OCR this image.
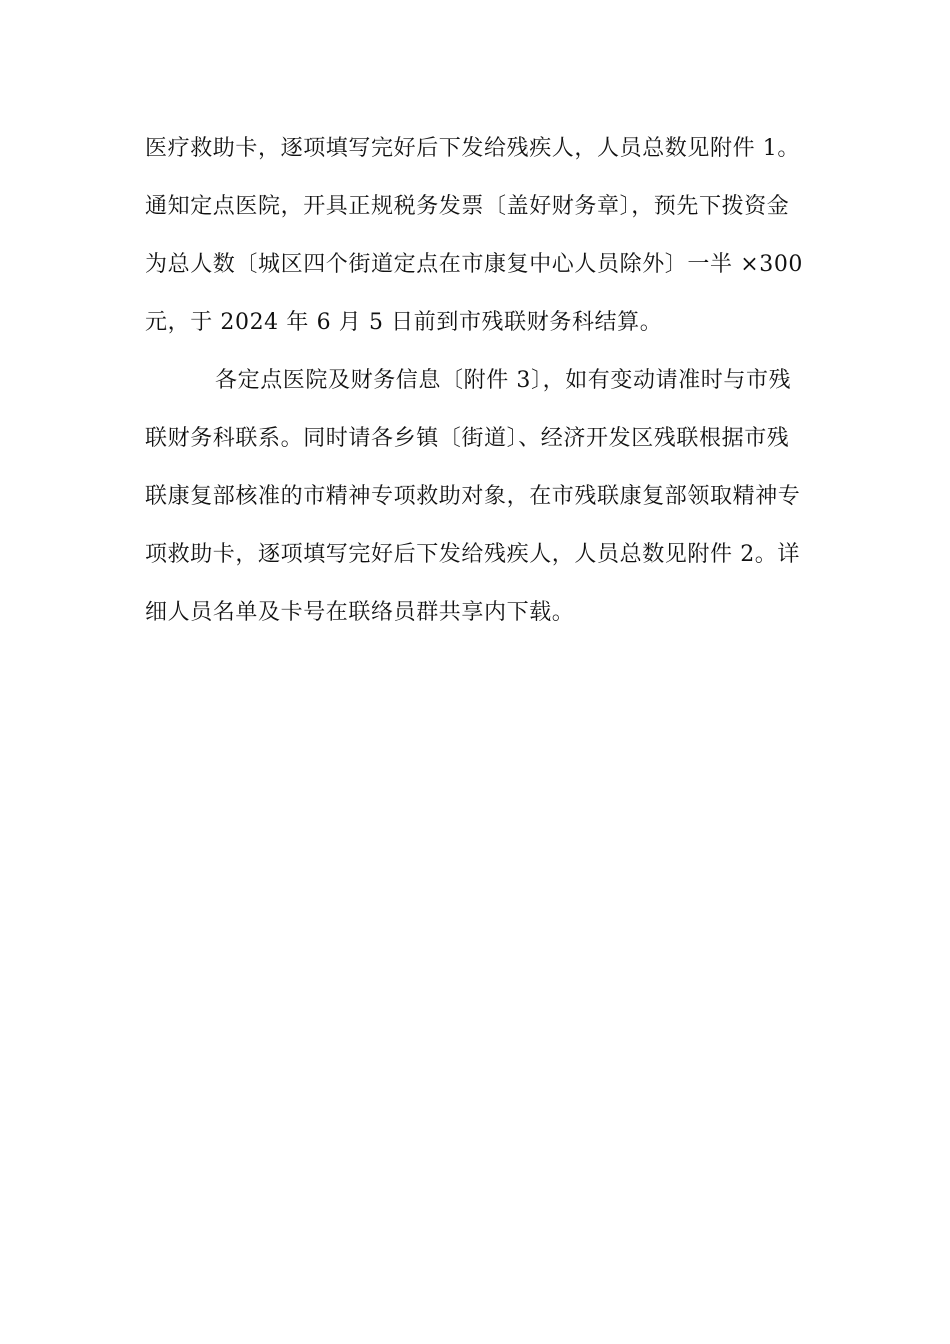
医疗救助卡，逐项填写完好后下发给残疾人，人员总数见附件 1。
通知定点医院，开具正规税务发票〔盖好财务章〕，预先下拨资金
为总人数〔城区四个街道定点在市康复中心人员除外〕一半 ×300
元，于 2024 年 6 月 5 日前到市残联财务科结算。
各定点医院及财务信息〔附件 3〕，如有变动请准时与市残
联财务科联系。同时请各乡镇〔街道〕、经济开发区残联根据市残
联康复部核准的市精神专项救助对象，在市残联康复部领取精神专
项救助卡，逐项填写完好后下发给残疾人，人员总数见附件 2。详
细人员名单及卡号在联络员群共享内下载。
